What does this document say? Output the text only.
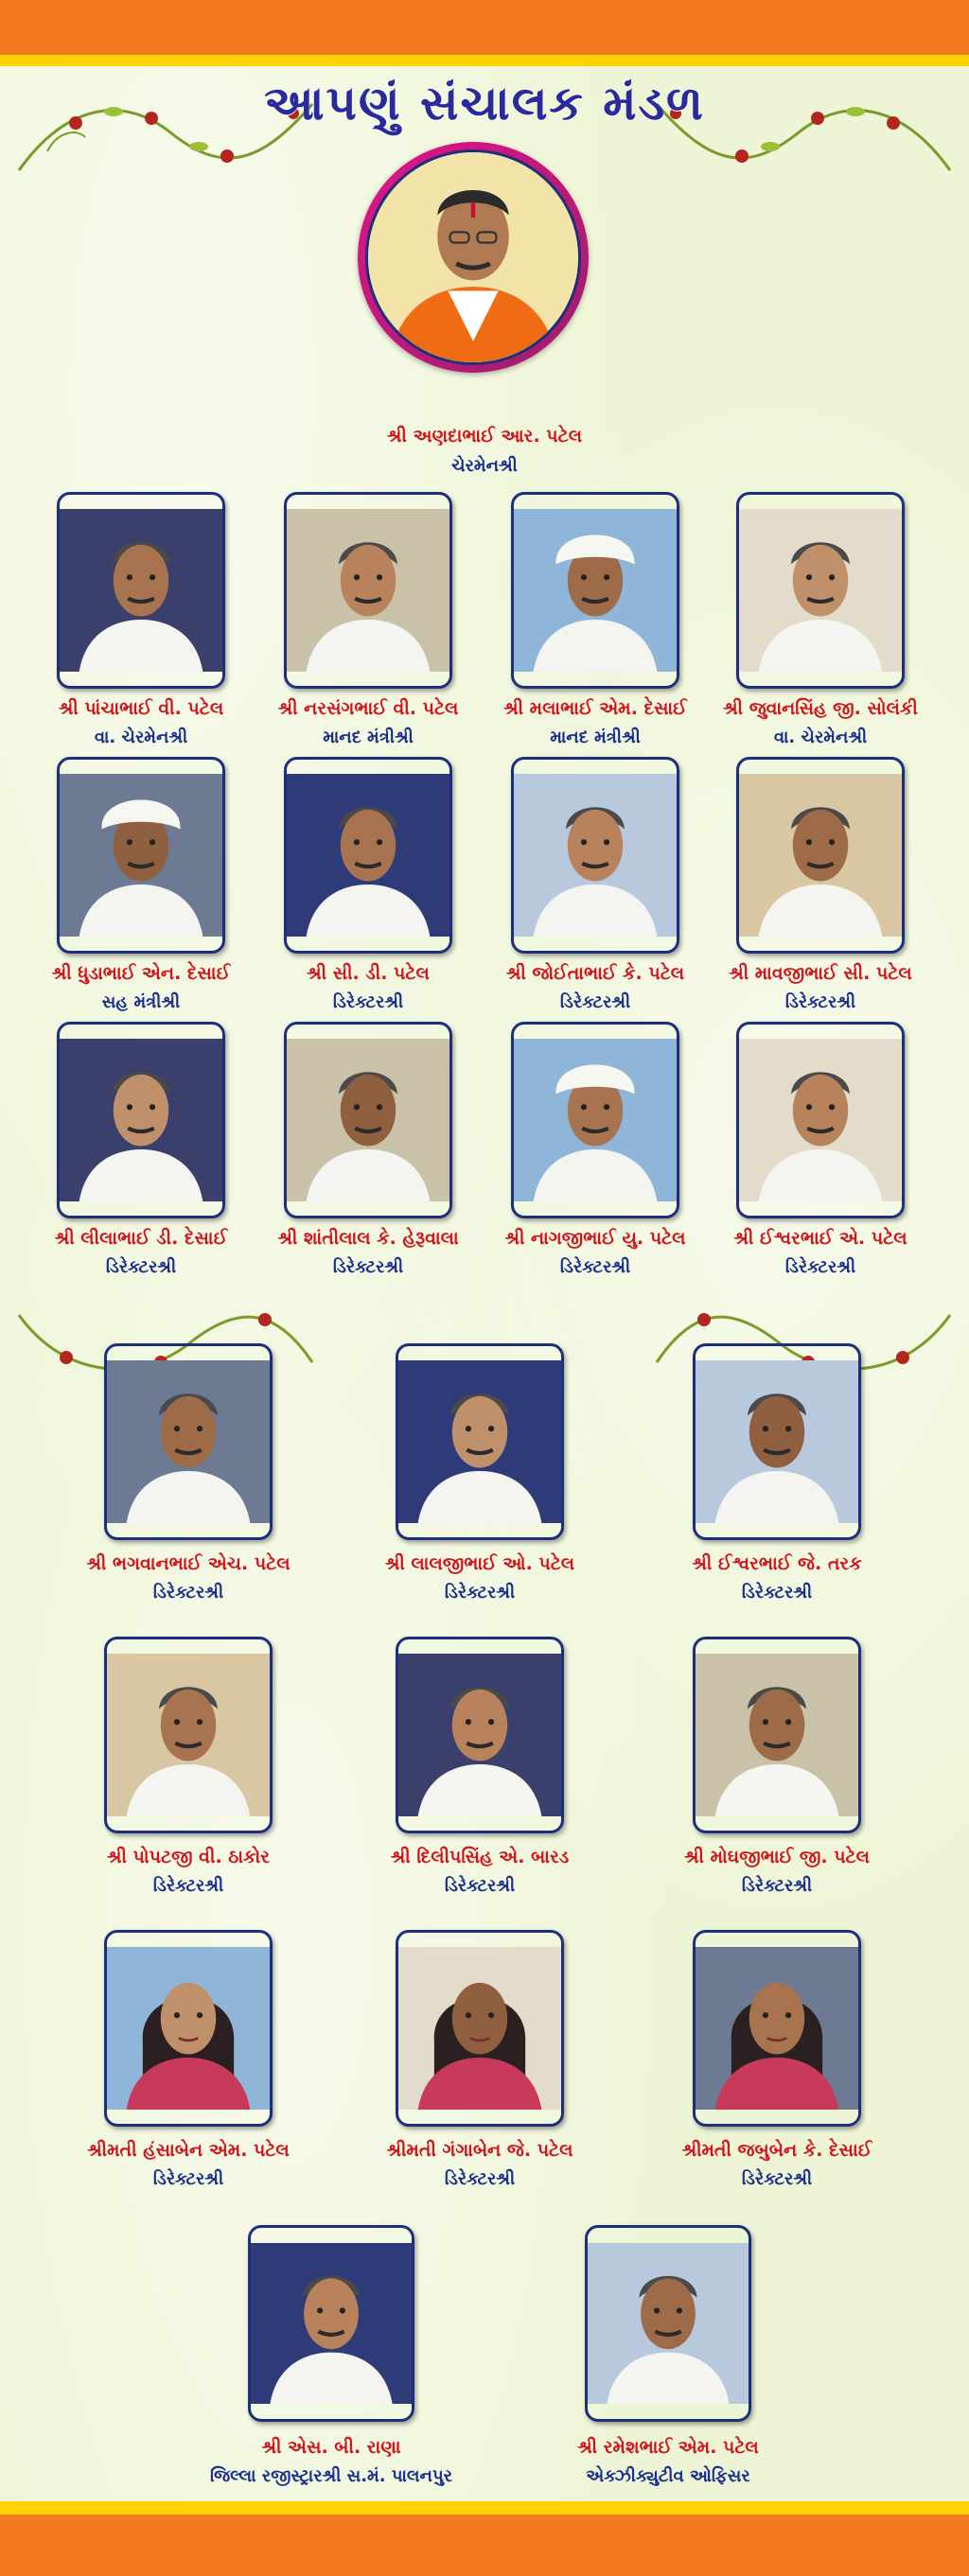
આપણું સંચાલક મંડળ
શ્રી અણદાભાઈ આર. પટેલ
ચેરમેનશ્રી
શ્રી પાંચાભાઈ વી. પટેલ
વા. ચેરમેનશ્રી
શ્રી નરસંગભાઈ વી. પટેલ
માનદ મંત્રીશ્રી
શ્રી મલાભાઈ એમ. દેસાઈ
માનદ મંત્રીશ્રી
શ્રી જુવાનસિંહ જી. સોલંકી
વા. ચેરમેનશ્રી
શ્રી ધુડાભાઈ એન. દેસાઈ
સહ મંત્રીશ્રી
શ્રી સી. ડી. પટેલ
ડિરેક્ટરશ્રી
શ્રી જોઈતાભાઈ કે. પટેલ
ડિરેક્ટરશ્રી
શ્રી માવજીભાઈ સી. પટેલ
ડિરેક્ટરશ્રી
શ્રી લીલાભાઈ ડી. દેસાઈ
ડિરેક્ટરશ્રી
શ્રી શાંતીલાલ કે. હેરૂવાલા
ડિરેક્ટરશ્રી
શ્રી નાગજીભાઈ યુ. પટેલ
ડિરેક્ટરશ્રી
શ્રી ઈશ્વરભાઈ એ. પટેલ
ડિરેક્ટરશ્રી
શ્રી ભગવાનભાઈ એચ. પટેલ
ડિરેક્ટરશ્રી
શ્રી લાલજીભાઈ ઓ. પટેલ
ડિરેક્ટરશ્રી
શ્રી ઈશ્વરભાઈ જે. તરક
ડિરેક્ટરશ્રી
શ્રી પોપટજી વી. ઠાકોર
ડિરેક્ટરશ્રી
શ્રી દિલીપસિંહ એ. બારડ
ડિરેક્ટરશ્રી
શ્રી મોઘજીભાઈ જી. પટેલ
ડિરેક્ટરશ્રી
શ્રીમતી હંસાબેન એમ. પટેલ
ડિરેક્ટરશ્રી
શ્રીમતી ગંગાબેન જે. પટેલ
ડિરેક્ટરશ્રી
શ્રીમતી જબુબેન કે. દેસાઈ
ડિરેક્ટરશ્રી
શ્રી એસ. બી. રાણા
જિલ્લા રજીસ્ટ્રારશ્રી સ.મં. પાલનપુર
શ્રી રમેશભાઈ એમ. પટેલ
એક્ઝીક્યુટીવ ઓફિસર
